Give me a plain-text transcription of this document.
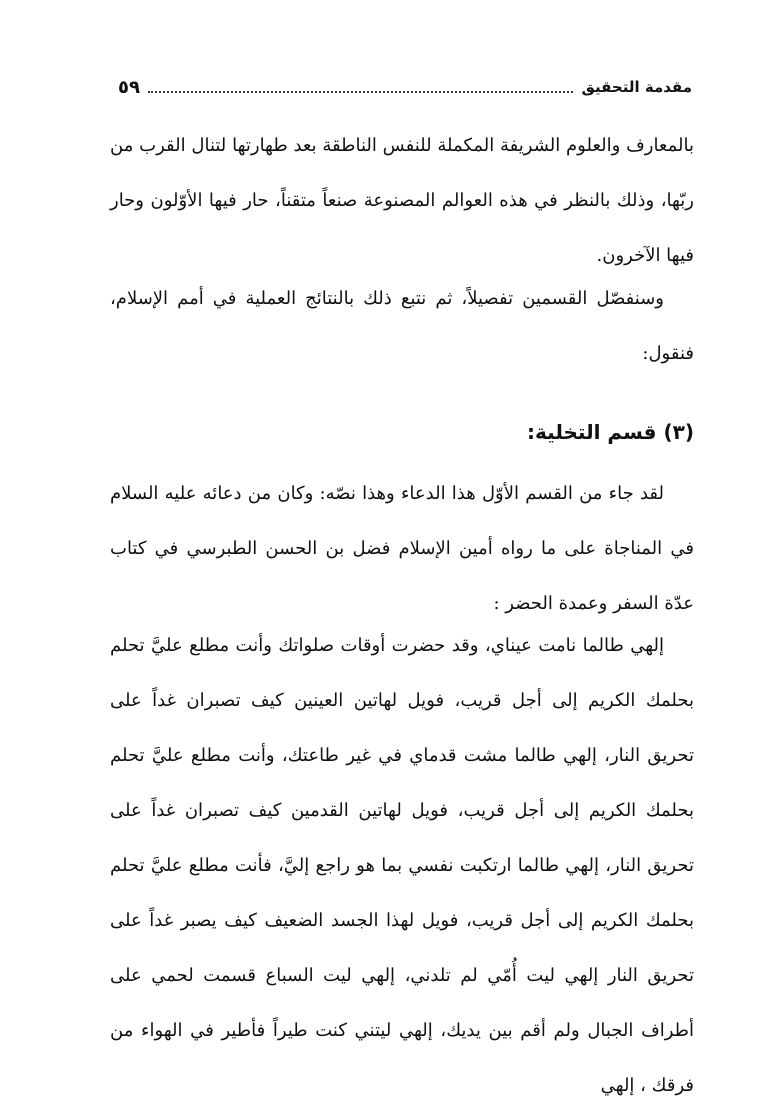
مقدمة التحقيق
٥٩

بالمعارف والعلوم الشريفة المكملة للنفس الناطقة بعد طهارتها لتنال القرب من ربّها، وذلك بالنظر في هذه العوالم المصنوعة صنعاً متقناً، حار فيها الأوّلون وحار فيها الآخرون.

وسنفصّل القسمين تفصيلاً، ثم نتبع ذلك بالنتائج العملية في أمم الإسلام، فنقول:

(٣) قسم التخلية:

لقد جاء من القسم الأوّل هذا الدعاء وهذا نصّه: وكان من دعائه عليه السلام في المناجاة على ما رواه أمين الإسلام فضل بن الحسن الطبرسي في كتاب عدّة السفر وعمدة الحضر :

إلهي طالما نامت عيناي، وقد حضرت أوقات صلواتك وأنت مطلع عليَّ تحلم بحلمك الكريم إلى أجل قريب، فويل لهاتين العينين كيف تصبران غداً على تحريق النار، إلهي طالما مشت قدماي في غير طاعتك، وأنت مطلع عليَّ تحلم بحلمك الكريم إلى أجل قريب، فويل لهاتين القدمين كيف تصبران غداً على تحريق النار، إلهي طالما ارتكبت نفسي بما هو راجع إليَّ، فأنت مطلع عليَّ تحلم بحلمك الكريم إلى أجل قريب، فويل لهذا الجسد الضعيف كيف يصبر غداً على تحريق النار إلهي ليت أُمّي لم تلدني، إلهي ليت السباع قسمت لحمي على أطراف الجبال ولم أقم بين يديك، إلهي ليتني كنت طيراً فأطير في الهواء من فرقك ، إلهي
